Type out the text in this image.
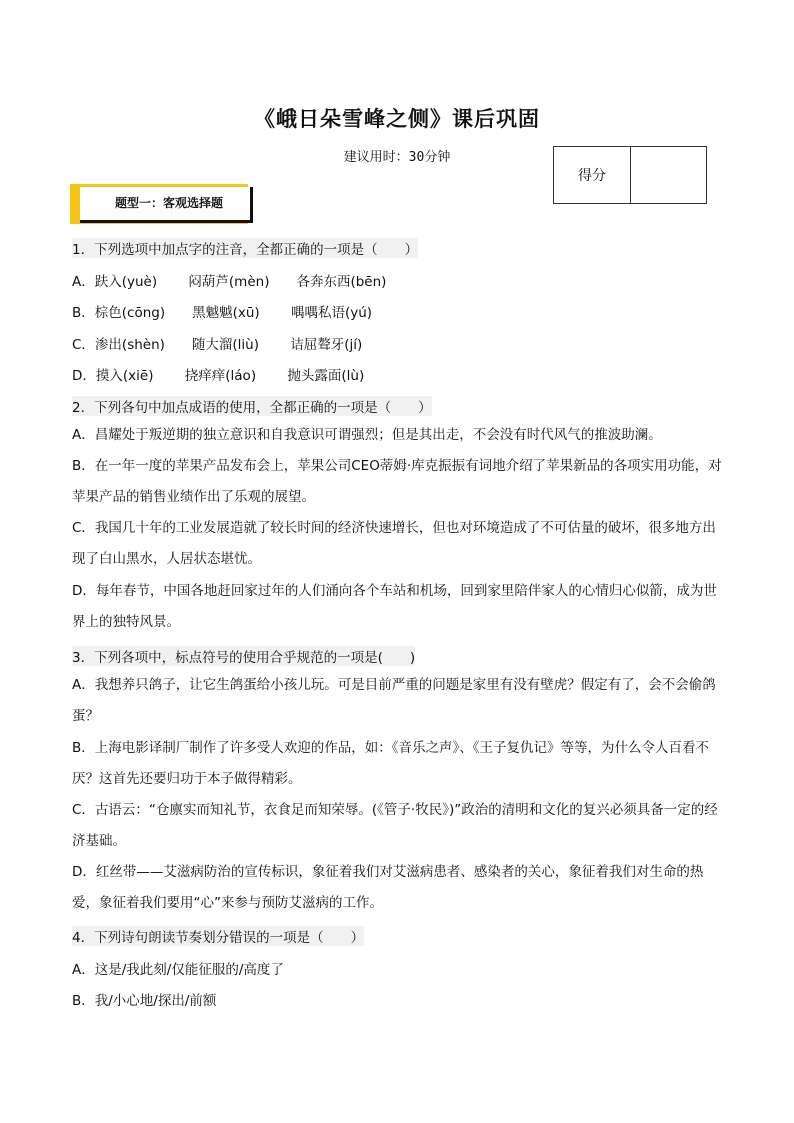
《峨日朵雪峰之侧》课后巩固
建议用时：30分钟
得分
题型一：客观选择题
1．下列选项中加点字的注音，全都正确的一项是（　　）
A．趺入(yuè)　　 闷葫芦(mèn)　　各奔东西(bēn)
B．棕色(cōng)　　黑魆魆(xū)　　 喁喁私语(yú)
C．渗出(shèn)　　随大溜(liù)　　 诘屈聱牙(jí)
D．摸入(xiē)　　 挠痒痒(láo)　　 抛头露面(lù)
2．下列各句中加点成语的使用，全都正确的一项是（　　）
A．昌耀处于叛逆期的独立意识和自我意识可谓强烈；但是其出走，不会没有时代风气的推波助澜。
B．在一年一度的苹果产品发布会上，苹果公司CEO蒂姆·库克振振有词地介绍了苹果新品的各项实用功能，对苹果产品的销售业绩作出了乐观的展望。
C．我国几十年的工业发展造就了较长时间的经济快速增长，但也对环境造成了不可估量的破坏，很多地方出现了白山黑水，人居状态堪忧。
D．每年春节，中国各地赶回家过年的人们涌向各个车站和机场，回到家里陪伴家人的心情归心似箭，成为世界上的独特风景。
3．下列各项中，标点符号的使用合乎规范的一项是(　　)
A．我想养只鸽子，让它生鸽蛋给小孩儿玩。可是目前严重的问题是家里有没有壁虎？假定有了，会不会偷鸽蛋？
B．上海电影译制厂制作了许多受人欢迎的作品，如：《音乐之声》、《王子复仇记》等等，为什么令人百看不厌？这首先还要归功于本子做得精彩。
C．古语云：“仓廪实而知礼节，衣食足而知荣辱。(《管子·牧民》)”政治的清明和文化的复兴必须具备一定的经济基础。
D．红丝带——艾滋病防治的宣传标识，象征着我们对艾滋病患者、感染者的关心，象征着我们对生命的热爱，象征着我们要用“心”来参与预防艾滋病的工作。
4．下列诗句朗读节奏划分错误的一项是（　　）
A．这是/我此刻/仅能征服的/高度了
B．我/小心地/探出/前额
